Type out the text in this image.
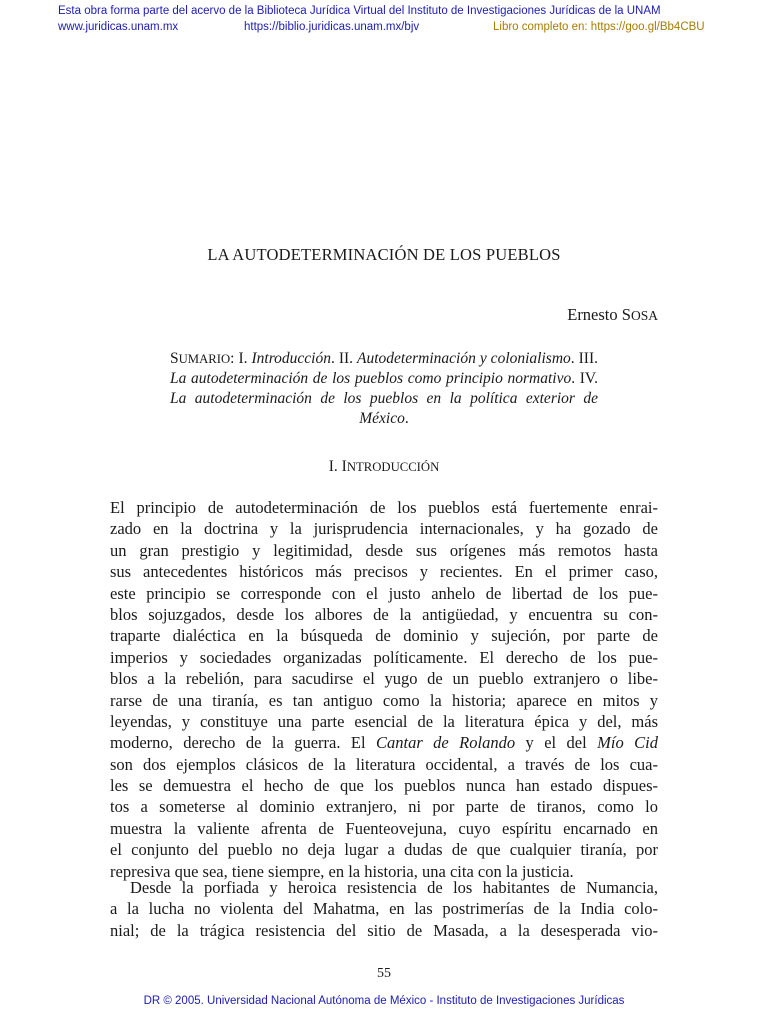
Esta obra forma parte del acervo de la Biblioteca Jurídica Virtual del Instituto de Investigaciones Jurídicas de la UNAM
www.juridicas.unam.mx	https://biblio.juridicas.unam.mx/bjv	Libro completo en: https://goo.gl/Bb4CBU
LA AUTODETERMINACIÓN DE LOS PUEBLOS
Ernesto SOSA
SUMARIO: I. Introducción. II. Autodeterminación y colonialismo. III. La autodeterminación de los pueblos como principio normativo. IV. La autodeterminación de los pueblos en la política exterior de México.
I. INTRODUCCIÓN
El principio de autodeterminación de los pueblos está fuertemente enrai-
zado en la doctrina y la jurisprudencia internacionales, y ha gozado de
un gran prestigio y legitimidad, desde sus orígenes más remotos hasta
sus antecedentes históricos más precisos y recientes. En el primer caso,
este principio se corresponde con el justo anhelo de libertad de los pue-
blos sojuzgados, desde los albores de la antigüedad, y encuentra su con-
traparte dialéctica en la búsqueda de dominio y sujeción, por parte de
imperios y sociedades organizadas políticamente. El derecho de los pue-
blos a la rebelión, para sacudirse el yugo de un pueblo extranjero o libe-
rarse de una tiranía, es tan antiguo como la historia; aparece en mitos y
leyendas, y constituye una parte esencial de la literatura épica y del, más
moderno, derecho de la guerra. El Cantar de Rolando y el del Mío Cid
son dos ejemplos clásicos de la literatura occidental, a través de los cua-
les se demuestra el hecho de que los pueblos nunca han estado dispues-
tos a someterse al dominio extranjero, ni por parte de tiranos, como lo
muestra la valiente afrenta de Fuenteovejuna, cuyo espíritu encarnado en
el conjunto del pueblo no deja lugar a dudas de que cualquier tiranía, por
represiva que sea, tiene siempre, en la historia, una cita con la justicia.
Desde la porfiada y heroica resistencia de los habitantes de Numancia,
a la lucha no violenta del Mahatma, en las postrimerías de la India colo-
nial; de la trágica resistencia del sitio de Masada, a la desesperada vio-
55
DR © 2005. Universidad Nacional Autónoma de México - Instituto de Investigaciones Jurídicas
